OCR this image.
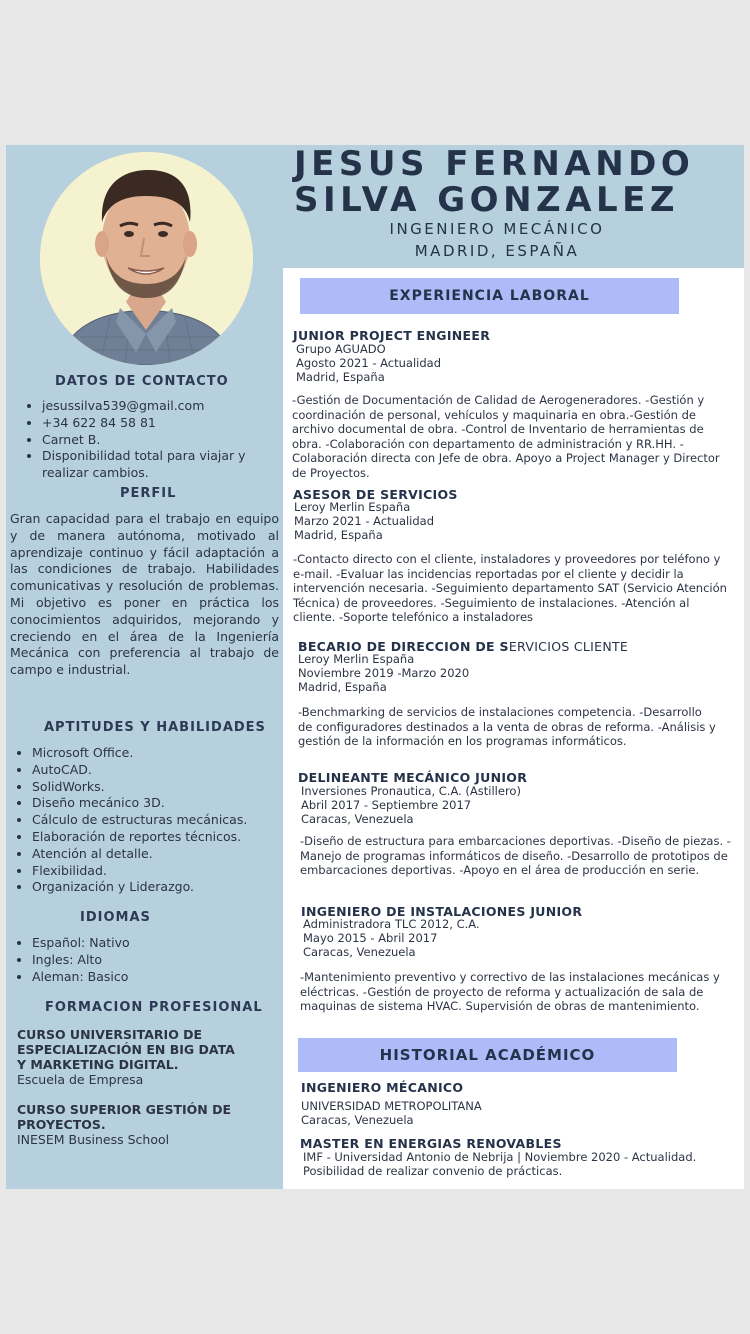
JESUS FERNANDO
SILVA GONZALEZ
INGENIERO MECÁNICO
MADRID, ESPAÑA
DATOS DE CONTACTO
• jesussilva539@gmail.com
• +34 622 84 58 81
• Carnet B.
• Disponibilidad total para viajar y realizar cambios.
PERFIL

Gran capacidad para el trabajo en equipo y de manera autónoma, motivado al aprendizaje continuo y fácil adaptación a las condiciones de trabajo. Habilidades comunicativas y resolución de problemas. Mi objetivo es poner en práctica los conocimientos adquiridos, mejorando y creciendo en el área de la Ingeniería Mecánica con preferencia al trabajo de campo e industrial.

APTITUDES Y HABILIDADES
• Microsoft Office.
• AutoCAD.
• SolidWorks.
• Diseño mecánico 3D.
• Cálculo de estructuras mecánicas.
• Elaboración de reportes técnicos.
• Atención al detalle.
• Flexibilidad.
• Organización y Liderazgo.
IDIOMAS
• Español: Nativo
• Ingles: Alto
• Aleman: Basico
FORMACION PROFESIONAL
CURSO UNIVERSITARIO DE ESPECIALIZACIÓN EN BIG DATA Y MARKETING DIGITAL.
Escuela de Empresa
CURSO SUPERIOR GESTIÓN DE PROYECTOS.
INESEM Business School
EXPERIENCIA LABORAL
JUNIOR PROJECT ENGINEER
Grupo AGUADO
Agosto 2021 - Actualidad
Madrid, España

-Gestión de Documentación de Calidad de Aerogeneradores. -Gestión y coordinación de personal, vehículos y maquinaria en obra.-Gestión de archivo documental de obra. -Control de Inventario de herramientas de obra. -Colaboración con departamento de administración y RR.HH. -Colaboración directa con Jefe de obra. Apoyo a Project Manager y Director de Proyectos.

ASESOR DE SERVICIOS
Leroy Merlin España
Marzo 2021 - Actualidad
Madrid, España

-Contacto directo con el cliente, instaladores y proveedores por teléfono y e-mail. -Evaluar las incidencias reportadas por el cliente y decidir la intervención necesaria. -Seguimiento departamento SAT (Servicio Atención Técnica) de proveedores. -Seguimiento de instalaciones. -Atención al cliente. -Soporte telefónico a instaladores

BECARIO DE DIRECCION DE SERVICIOS CLIENTE
Leroy Merlin España
Noviembre 2019 -Marzo 2020
Madrid, España

-Benchmarking de servicios de instalaciones competencia. -Desarrollo de configuradores destinados a la venta de obras de reforma. -Análisis y gestión de la información en los programas informáticos.

DELINEANTE MECÁNICO JUNIOR
Inversiones Pronautica, C.A. (Astillero)
Abril 2017 - Septiembre 2017
Caracas, Venezuela

-Diseño de estructura para embarcaciones deportivas. -Diseño de piezas. -Manejo de programas informáticos de diseño. -Desarrollo de prototipos de embarcaciones deportivas. -Apoyo en el área de producción en serie.

INGENIERO DE INSTALACIONES JUNIOR
Administradora TLC 2012, C.A.
Mayo 2015 - Abril 2017
Caracas, Venezuela

-Mantenimiento preventivo y correctivo de las instalaciones mecánicas y eléctricas. -Gestión de proyecto de reforma y actualización de sala de maquinas de sistema HVAC. Supervisión de obras de mantenimiento.

HISTORIAL ACADÉMICO
INGENIERO MÉCANICO
UNIVERSIDAD METROPOLITANA
Caracas, Venezuela
MASTER EN ENERGIAS RENOVABLES
IMF - Universidad Antonio de Nebrija | Noviembre 2020 - Actualidad.
Posibilidad de realizar convenio de prácticas.
